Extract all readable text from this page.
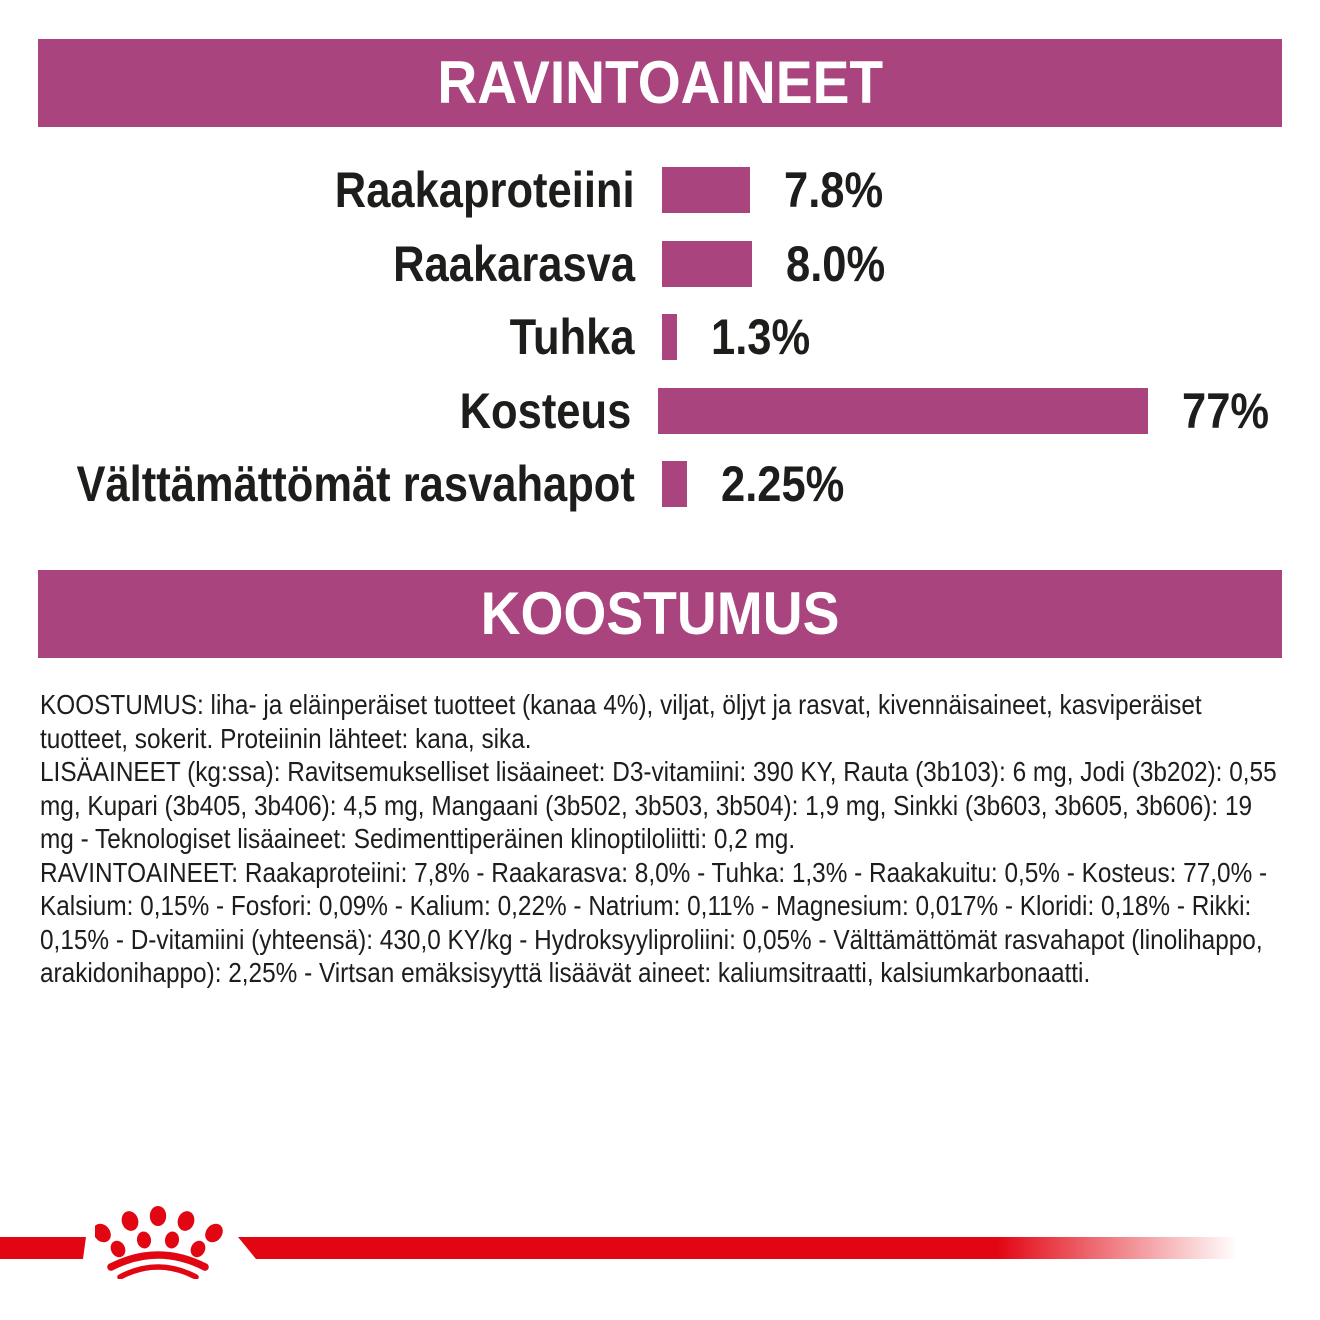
RAVINTOAINEET
Raakaproteiini	7.8%
Raakarasva	8.0%
Tuhka 1.3%
Kosteus	77%
Välttämättömät rasvahapot 2.25%
KOOSTUMUS

KOOSTUMUS: liha- ja eläinperäiset tuotteet (kanaa 4%), viljat, öljyt ja rasvat, kivennäisaineet, kasviperäiset tuotteet, sokerit. Proteiinin lähteet: kana, sika.

LISÄAINEET (kg:ssa): Ravitsemukselliset lisäaineet: D3-vitamiini: 390 KY, Rauta (3b103): 6 mg, Jodi (3b202): 0,55 mg, Kupari (3b405, 3b406): 4,5 mg, Mangaani (3b502, 3b503, 3b504): 1,9 mg, Sinkki (3b603, 3b605, 3b606): 19 mg - Teknologiset lisäaineet: Sedimenttiperäinen klinoptiloliitti: 0,2 mg.

RAVINTOAINEET: Raakaproteiini: 7,8% - Raakarasva: 8,0% - Tuhka: 1,3% - Raakakuitu: 0,5% - Kosteus: 77,0% - Kalsium: 0,15% - Fosfori: 0,09% - Kalium: 0,22% - Natrium: 0,11% - Magnesium: 0,017% - Kloridi: 0,18% - Rikki: 0,15% - D-vitamiini (yhteensä): 430,0 KY/kg - Hydroksyyliproliini: 0,05% - Välttämättömät rasvahapot (linolihappo, arakidonihappo): 2,25% - Virtsan emäksisyyttä lisäävät aineet: kaliumsitraatti, kalsiumkarbonaatti.
